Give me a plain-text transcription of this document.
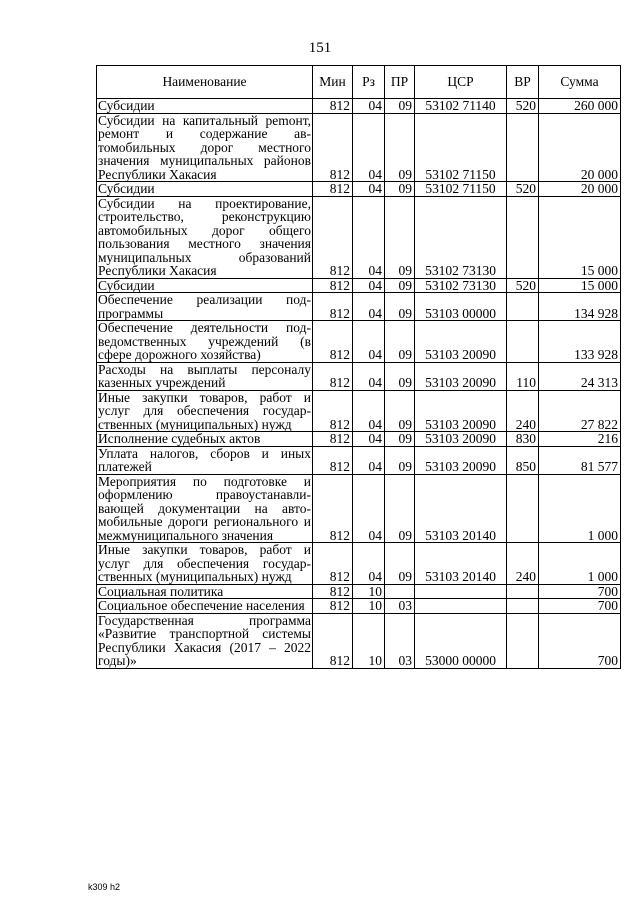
151
Наименование	Мин	Рз	ПР	ЦСР	ВР	Сумма
Субсидии	812	04	09	53102 71140	520	260 000
Субсидии на капитальный реmонт, ремонт и содержание автомобильных дорог местного значения муниципальных районов Республики Хакасия	812	04	09	53102 71150		20 000
Субсидии	812	04	09	53102 71150	520	20 000
Субсидии на проектирование, строительство, реконструкцию автомобильных дорог общего пользования местного значения муниципальных образований Республики Хакасия	812	04	09	53102 73130		15 000
Субсидии	812	04	09	53102 73130	520	15 000
Обеспечение реализации подпрограммы	812	04	09	53103 00000		134 928
Обеспечение деятельности подведомственных учреждений (в сфере дорожного хозяйства)	812	04	09	53103 20090		133 928
Расходы на выплаты персоналу казенных учреждений	812	04	09	53103 20090	110	24 313
Иные закупки товаров, работ и услуг для обеспечения государственных (муниципальных) нужд	812	04	09	53103 20090	240	27 822
Исполнение судебных актов	812	04	09	53103 20090	830	216
Уплата налогов, сборов и иных платежей	812	04	09	53103 20090	850	81 577
Мероприятия по подготовке и оформлению правоустанавливающей документации на автомобильные дороги регионального и межмуниципального значения	812	04	09	53103 20140		1 000
Иные закупки товаров, работ и услуг для обеспечения государственных (муниципальных) нужд	812	04	09	53103 20140	240	1 000
Социальная политика	812	10				700
Социальное обеспечение населения	812	10	03			700
Государственная программа «Развитие транспортной системы Республики Хакасия (2017 – 2022 годы)»	812	10	03	53000 00000		700
k309 h2
